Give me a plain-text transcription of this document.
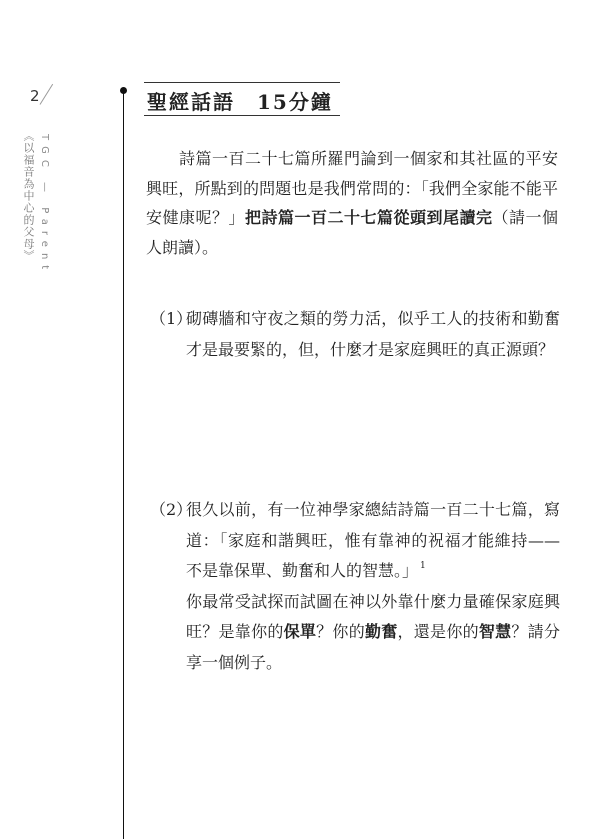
2
TGC — Parent
《以福音為中心的父母》
聖經話語 15分鐘

詩篇一百二十七篇所羅門論到一個家和其社區的平安興旺，所點到的問題也是我們常問的：「我們全家能不能平安健康呢？」把詩篇一百二十七篇從頭到尾讀完（請一個人朗讀）。

（1）

砌磚牆和守夜之類的勞力活，似乎工人的技術和勤奮才是最要緊的，但，什麼才是家庭興旺的真正源頭？

（2）

很久以前，有一位神學家總結詩篇一百二十七篇，寫道：「家庭和諧興旺，惟有靠神的祝福才能維持——不是靠保單、勤奮和人的智慧。」 $^1$

你最常受試探而試圖在神以外靠什麼力量確保家庭興旺？是靠你的保單？你的勤奮，還是你的智慧？請分享一個例子。
